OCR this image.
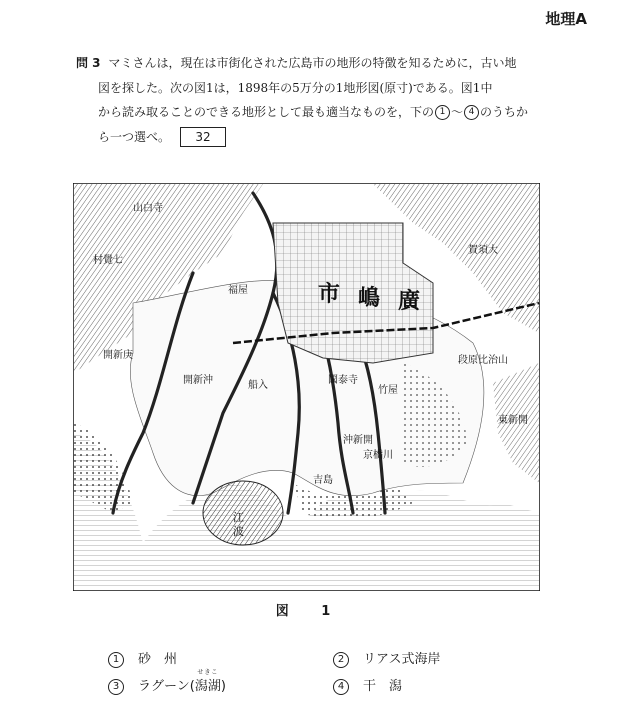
地理A
問 3 マミさんは，現在は市街化された広島市の地形の特徴を知るために，古い地
図を探した。次の図1は，1898年の5万分の1地形図(原寸)である。図1中
から読み取ることのできる地形として最も適当なものを，下の 1 〜 4 のうちか
ら一つ選べ。 32
山白寺
村覺七
福屋
船入
市 嶋 廣
國泰寺
京橋川
開新庚
開新沖
江
波
吉島
竹屋
沖新開
東新開
賀須大
段原比治山
図 1
1 砂　州	2 リアス式海岸
3 ラグーン(
せきこ
潟湖)	4 干　潟
